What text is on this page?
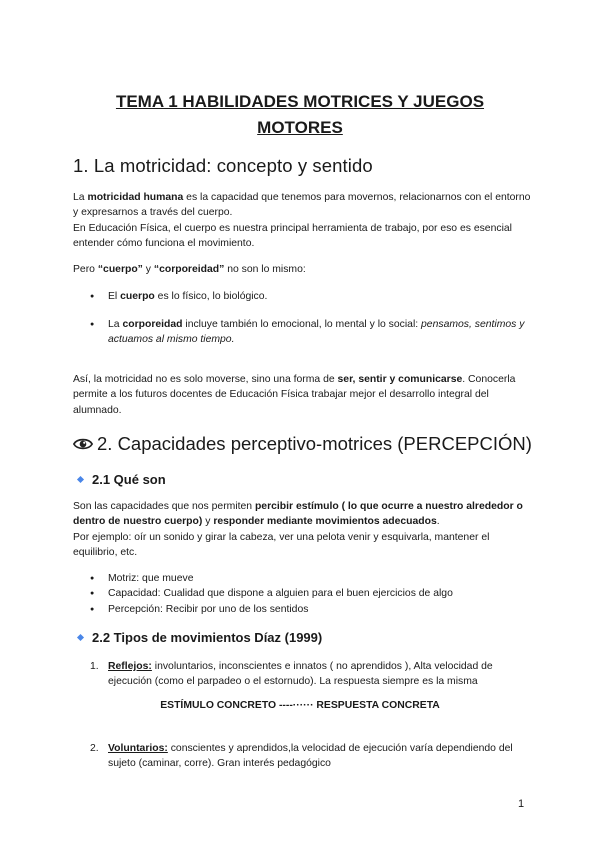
TEMA 1 HABILIDADES MOTRICES Y JUEGOS
MOTORES
1. La motricidad: concepto y sentido

La motricidad humana es la capacidad que tenemos para movernos, relacionarnos con el entorno y expresarnos a través del cuerpo.
En Educación Física, el cuerpo es nuestra principal herramienta de trabajo, por eso es esencial entender cómo funciona el movimiento.

Pero “cuerpo” y “corporeidad” no son lo mismo:

● El cuerpo es lo físico, lo biológico.
● La corporeidad incluye también lo emocional, lo mental y lo social: pensamos, sentimos y actuamos al mismo tiempo.

Así, la motricidad no es solo moverse, sino una forma de ser, sentir y comunicarse. Conocerla permite a los futuros docentes de Educación Física trabajar mejor el desarrollo integral del alumnado.

2. Capacidades perceptivo-motrices (PERCEPCIÓN)
2.1 Qué son

Son las capacidades que nos permiten percibir estímulo ( lo que ocurre a nuestro alrededor o dentro de nuestro cuerpo) y responder mediante movimientos adecuados.
Por ejemplo: oír un sonido y girar la cabeza, ver una pelota venir y esquivarla, mantener el equilibrio, etc.

● Motriz: que mueve
● Capacidad: Cualidad que dispone a alguien para el buen ejercicios de algo
● Percepción: Recibir por uno de los sentidos
2.2 Tipos de movimientos Díaz (1999)
1. Reflejos: involuntarios, inconscientes e innatos ( no aprendidos ), Alta velocidad de ejecución (como el parpadeo o el estornudo). La respuesta siempre es la misma
ESTÍMULO CONCRETO ----······ RESPUESTA CONCRETA
2. Voluntarios: conscientes y aprendidos,la velocidad de ejecución varía dependiendo del sujeto (caminar, corre). Gran interés pedagógico
1
